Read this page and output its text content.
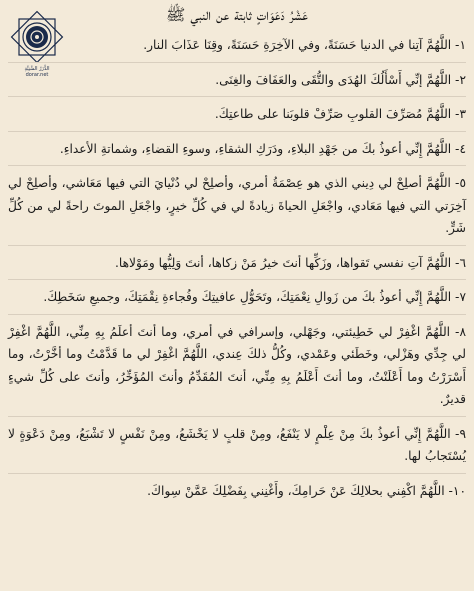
الدُّرَرُ السَّنِيَّةِ
dorar.net
عَشْرُ دَعَوَاتٍ ثابتة عن النبي ﷺ

١- اللَّهُمَّ آتِنا في الدنيا حَسَنَةً، وفي الآخِرَةِ حَسَنَةً، وقِنَا عَذَابَ النار.

٢- اللَّهُمَّ إنِّي أَسْأَلُكَ الهُدَى والتُّقَى والعَفَافَ والغِنَى.

٣- اللَّهُمَّ مُصَرِّفَ القلوبِ صَرِّفْ قلوبَنا على طاعتِكَ.

٤- اللَّهُمَّ إِنِّي أعوذُ بكَ من جَهْدِ البلاءِ، ودَرَكِ الشقاءِ، وسوءِ القضاءِ، وشماتةِ الأعداءِ.

٥- اللَّهُمَّ أصلِحْ لي دِيني الذي هو عِصْمَةُ أمري، وأصلِحْ لي دُنْيايَ التي فيها مَعَاشي، وأصلِحْ لي آخِرَتي التي فيها مَعَادي، واجْعَلِ الحياةَ زيادةً لي في كُلِّ خيرٍ، واجْعَلِ الموتَ راحةً لي من كُلِّ شَرٍّ.

٦- اللَّهُمَّ آتِ نفسي تَقواها، وزَكِّها أنتَ خيرُ مَنْ زكاها، أنتَ وَلِيُّها ومَوْلاها.

٧- اللَّهُمَّ إِنِّي أعوذُ بكَ من زَوالِ نِعْمَتِكَ، وتَحَوُّلِ عافيتِكَ وفُجاءةِ نِقْمَتِكَ، وجميعِ سَخَطِكَ.

٨- اللَّهُمَّ اغْفِرْ لي خَطِيئتي، وجَهْلي، وإسرافي في أمري، وما أنتَ أعلَمُ بِهِ مِنِّي، اللَّهُمَّ اغْفِرْ لي جِدِّي وهَزْلي، وخَطَئي وعَمْدي، وكُلُّ ذلكَ عِندي، اللَّهُمَّ اغْفِرْ لي ما قَدَّمْتُ وما أخَّرْتُ، وما أَسْرَرْتُ وما أَعْلَنْتُ، وما أنتَ أَعْلَمُ بِهِ مِنِّي، أنتَ المُقَدِّمُ وأنتَ المُؤَخِّرُ، وأنتَ على كُلِّ شيءٍ قديرٌ.

٩- اللَّهُمَّ إِنِّي أعوذُ بكَ مِنْ عِلْمٍ لا يَنْفَعُ، ومِنْ قلبٍ لا يَخْشَعُ، ومِنْ نَفْسٍ لا تَشْبَعُ، ومِنْ دَعْوَةٍ لا يُسْتَجابُ لها.

١٠- اللَّهُمَّ اكْفِني بحلالِكَ عَنْ حَرامِكَ، وأَغْنِني بِفَضْلِكَ عَمَّنْ سِواكَ.
